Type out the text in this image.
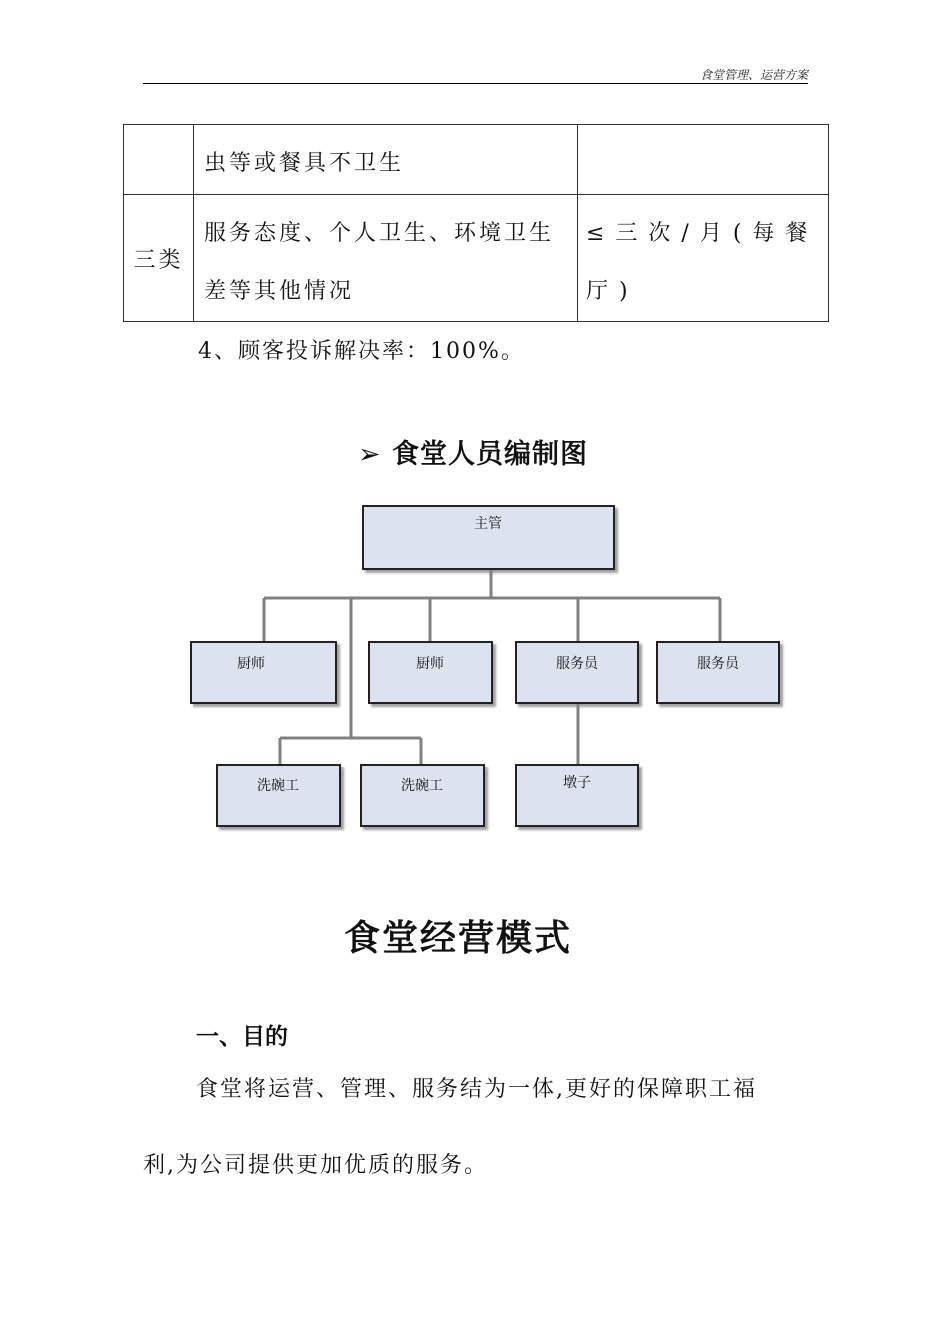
食堂管理、运营方案

	虫等或餐具不卫生	

三类	服务态度、个人卫生、环境卫生差等其他情况	≤三次/月(每餐厅)
4、顾客投诉解决率：100%。
➢ 食堂人员编制图
主管
厨师	厨师	服务员	服务员
洗碗工	洗碗工	墩子
食堂经营模式
一、目的
食堂将运营、管理、服务结为一体,更好的保障职工福
利,为公司提供更加优质的服务。
